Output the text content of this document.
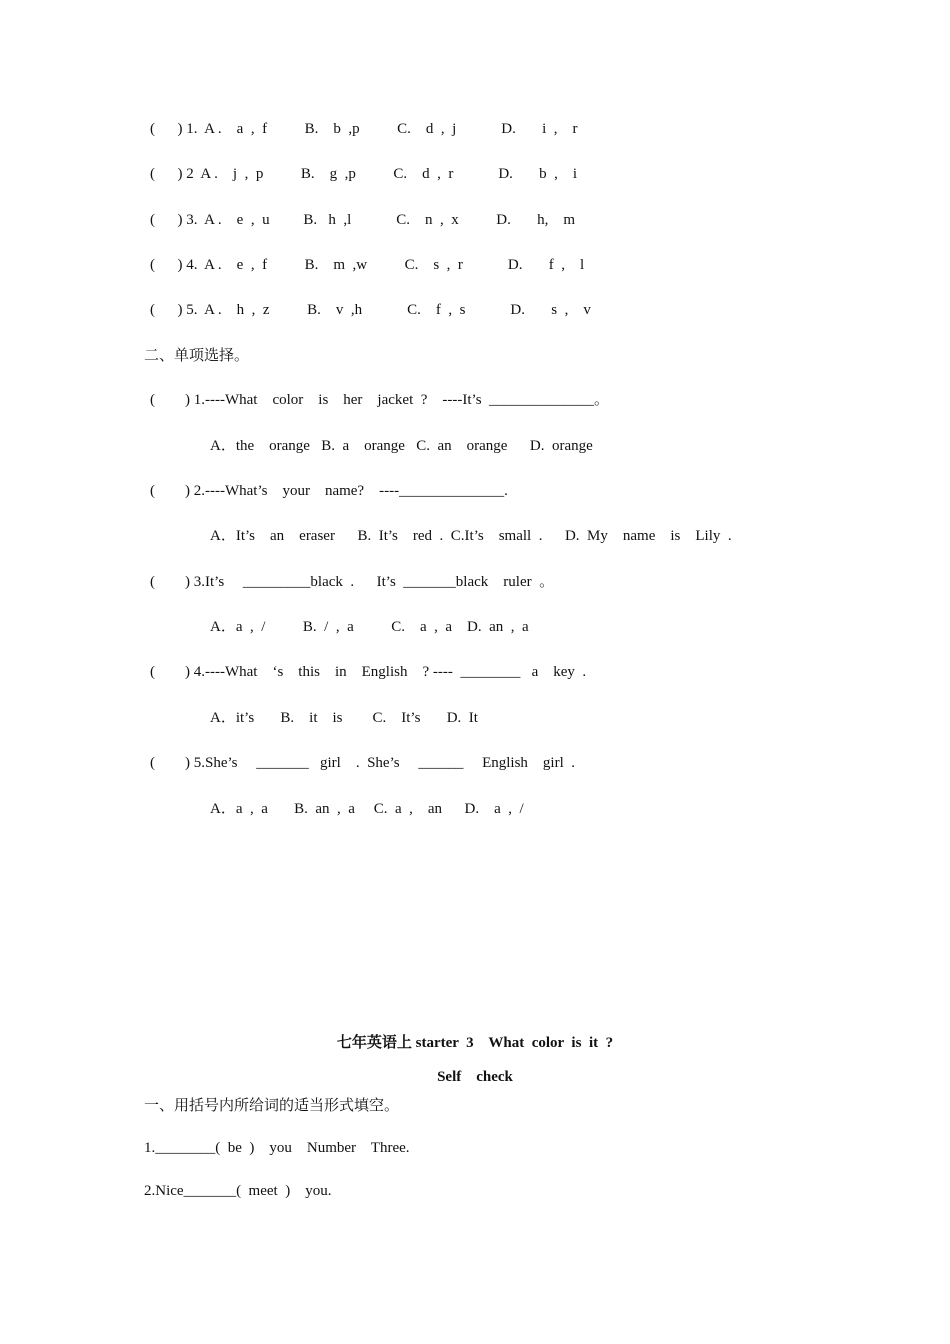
(      ) 1.  A .    a  ,  f          B.    b  ,p          C.    d  ,  j            D.       i  ,    r
(      ) 2  A .    j  ,  p          B.    g  ,p          C.    d  ,  r            D.       b  ,    i
(      ) 3.  A .    e  ,  u         B.   h  ,l            C.    n  ,  x          D.       h,    m
(      ) 4.  A .    e  ,  f          B.    m  ,w          C.    s  ,  r            D.       f  ,    l
(      ) 5.  A .    h  ,  z          B.    v  ,h            C.    f  ,  s            D.       s  ,    v
二、单项选择。
(        ) 1.----What    color    is    her    jacket  ?    ----It’s  ______________。
A．the    orange   B.  a    orange   C.  an    orange      D.  orange
(        ) 2.----What’s    your    name?    ----______________.
A．It’s    an    eraser      B.  It’s    red  .  C.It’s    small  .      D.  My    name    is    Lily  .
(        ) 3.It’s     _________black  .      It’s  _______black    ruler  。
A．a  ,  /          B.  /  ,  a          C.    a  ,  a    D.  an  ,  a
(        ) 4.----What    ‘s    this    in    English    ? ----  ________   a    key  .
A．it’s       B.    it    is        C.    It’s       D.  It
(        ) 5.She’s     _______   girl    .  She’s     ______     English    girl  .
A．a  ,  a       B.  an  ,  a     C.  a  ,    an      D.    a  ,  /
七年英语上 starter  3    What  color  is  it  ?
Self    check
一、用括号内所给词的适当形式填空。
1.________(  be  )    you    Number    Three.
2.Nice_______(  meet  )    you.
